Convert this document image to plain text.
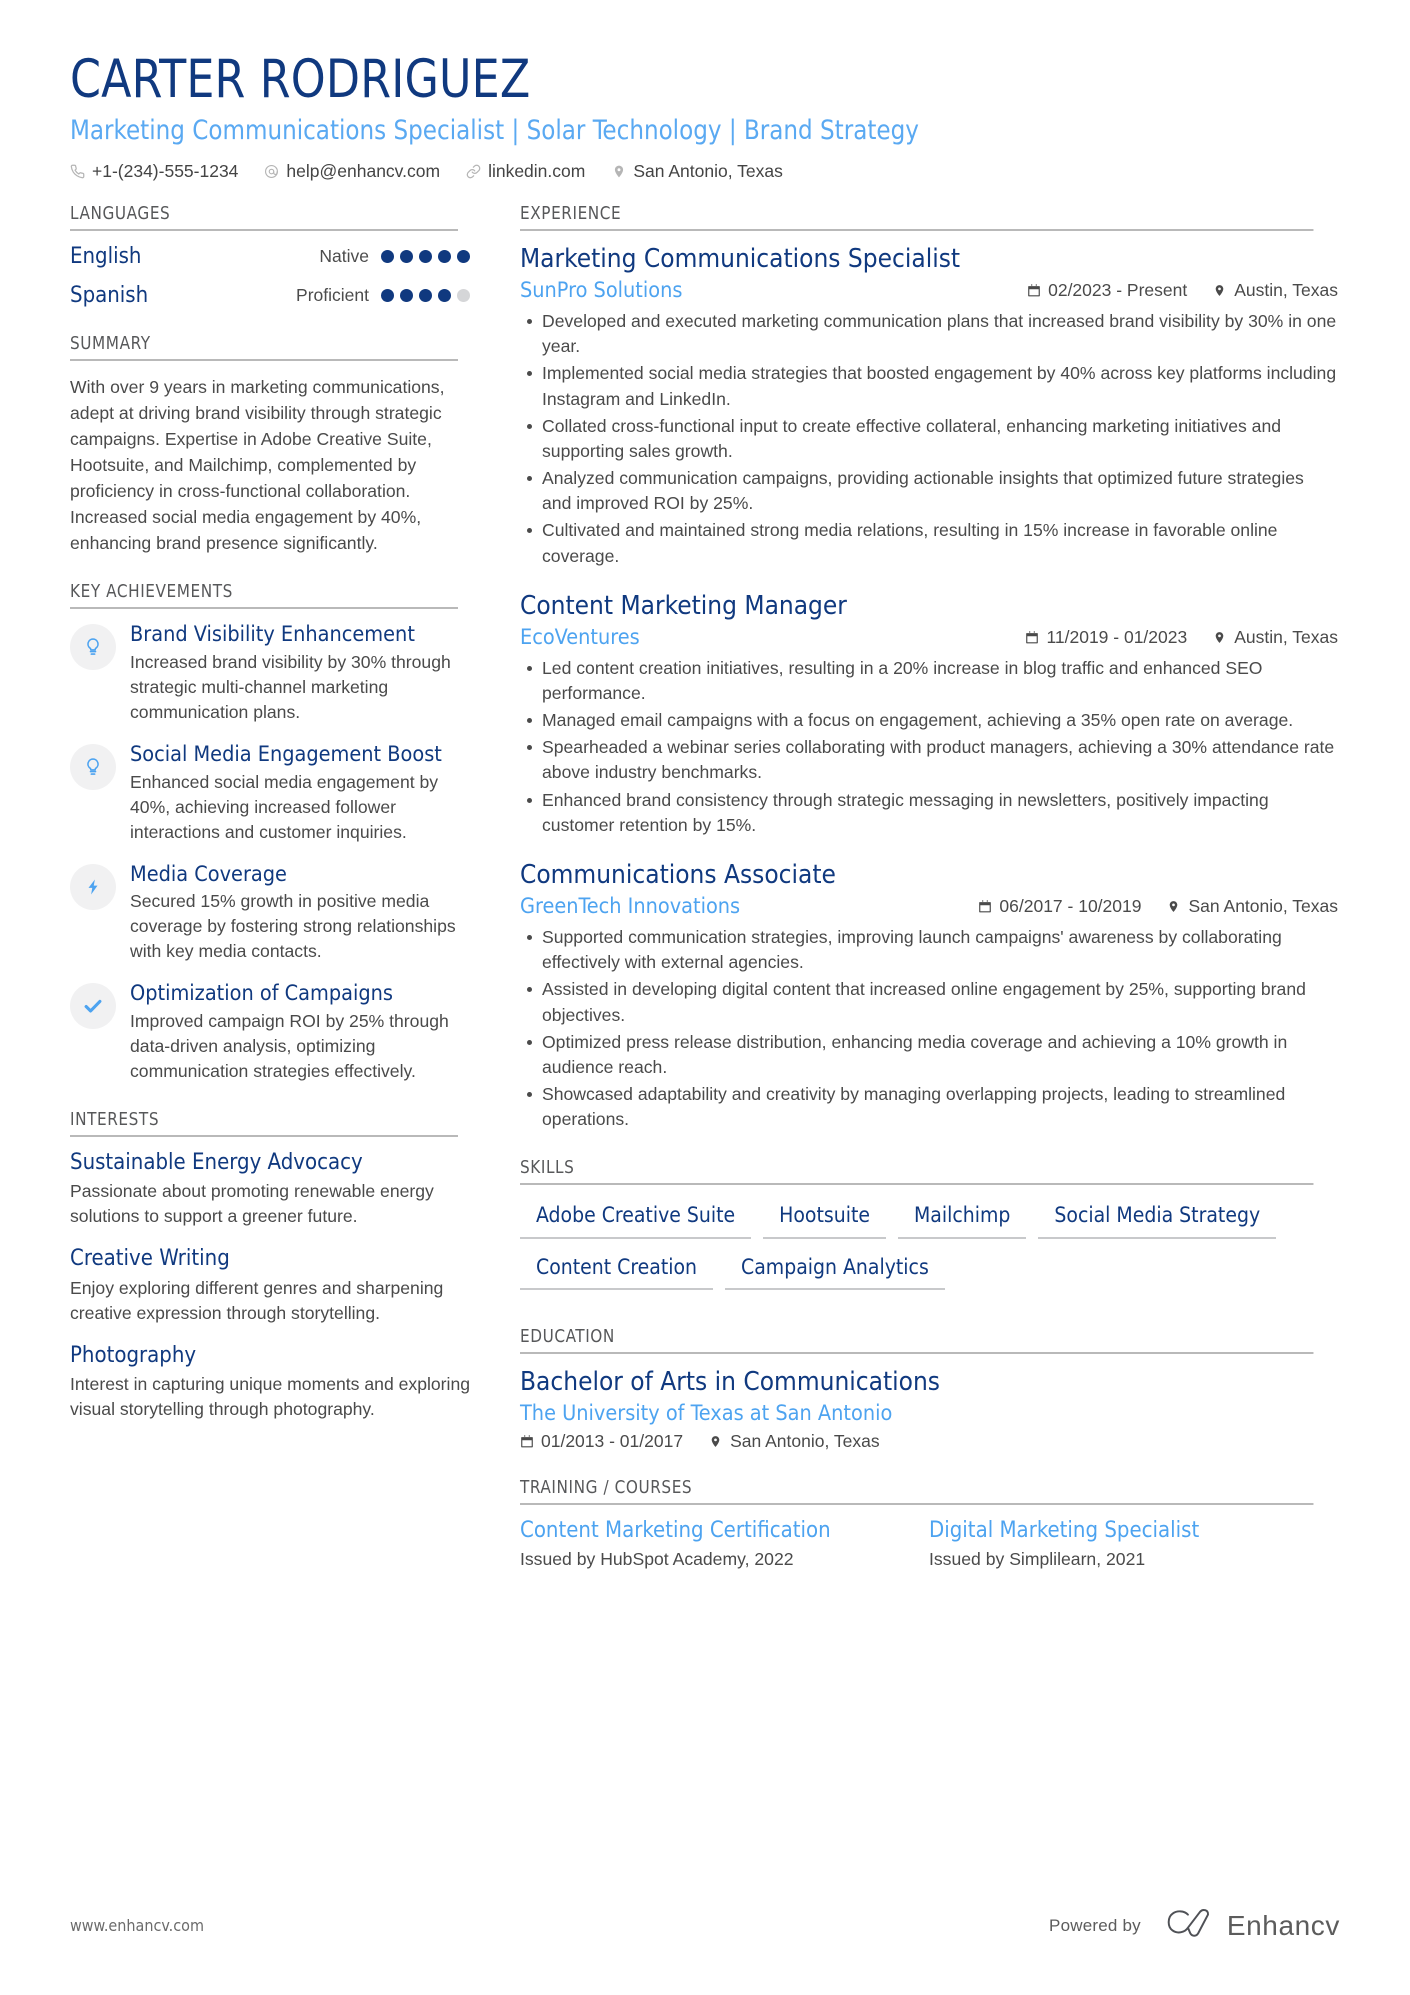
CARTER RODRIGUEZ
Marketing Communications Specialist | Solar Technology | Brand Strategy
+1-(234)-555-1234	help@enhancv.com	linkedin.com	San Antonio, Texas
LANGUAGES
English	Native
Spanish	Proficient
SUMMARY
With over 9 years in marketing communications, adept at driving brand visibility through strategic campaigns. Expertise in Adobe Creative Suite, Hootsuite, and Mailchimp, complemented by proficiency in cross-functional collaboration. Increased social media engagement by 40%, enhancing brand presence significantly.
KEY ACHIEVEMENTS
Brand Visibility Enhancement
Increased brand visibility by 30% through strategic multi-channel marketing communication plans.
Social Media Engagement Boost
Enhanced social media engagement by 40%, achieving increased follower interactions and customer inquiries.
Media Coverage
Secured 15% growth in positive media coverage by fostering strong relationships with key media contacts.
Optimization of Campaigns
Improved campaign ROI by 25% through data-driven analysis, optimizing communication strategies effectively.
INTERESTS
Sustainable Energy Advocacy
Passionate about promoting renewable energy solutions to support a greener future.
Creative Writing
Enjoy exploring different genres and sharpening creative expression through storytelling.
Photography
Interest in capturing unique moments and exploring visual storytelling through photography.
EXPERIENCE
Marketing Communications Specialist
SunPro Solutions	02/2023 - Present	Austin, Texas
Developed and executed marketing communication plans that increased brand visibility by 30% in one year.
Implemented social media strategies that boosted engagement by 40% across key platforms including Instagram and LinkedIn.
Collated cross-functional input to create effective collateral, enhancing marketing initiatives and supporting sales growth.
Analyzed communication campaigns, providing actionable insights that optimized future strategies and improved ROI by 25%.
Cultivated and maintained strong media relations, resulting in 15% increase in favorable online coverage.
Content Marketing Manager
EcoVentures	11/2019 - 01/2023	Austin, Texas
Led content creation initiatives, resulting in a 20% increase in blog traffic and enhanced SEO performance.
Managed email campaigns with a focus on engagement, achieving a 35% open rate on average.
Spearheaded a webinar series collaborating with product managers, achieving a 30% attendance rate above industry benchmarks.
Enhanced brand consistency through strategic messaging in newsletters, positively impacting customer retention by 15%.
Communications Associate
GreenTech Innovations	06/2017 - 10/2019	San Antonio, Texas
Supported communication strategies, improving launch campaigns' awareness by collaborating effectively with external agencies.
Assisted in developing digital content that increased online engagement by 25%, supporting brand objectives.
Optimized press release distribution, enhancing media coverage and achieving a 10% growth in audience reach.
Showcased adaptability and creativity by managing overlapping projects, leading to streamlined operations.
SKILLS
Adobe Creative Suite	Hootsuite	Mailchimp	Social Media Strategy
Content Creation	Campaign Analytics
EDUCATION
Bachelor of Arts in Communications
The University of Texas at San Antonio
01/2013 - 01/2017	San Antonio, Texas
TRAINING / COURSES
Content Marketing Certification
Issued by HubSpot Academy, 2022
Digital Marketing Specialist
Issued by Simplilearn, 2021
www.enhancv.com	Powered by	Enhancv
